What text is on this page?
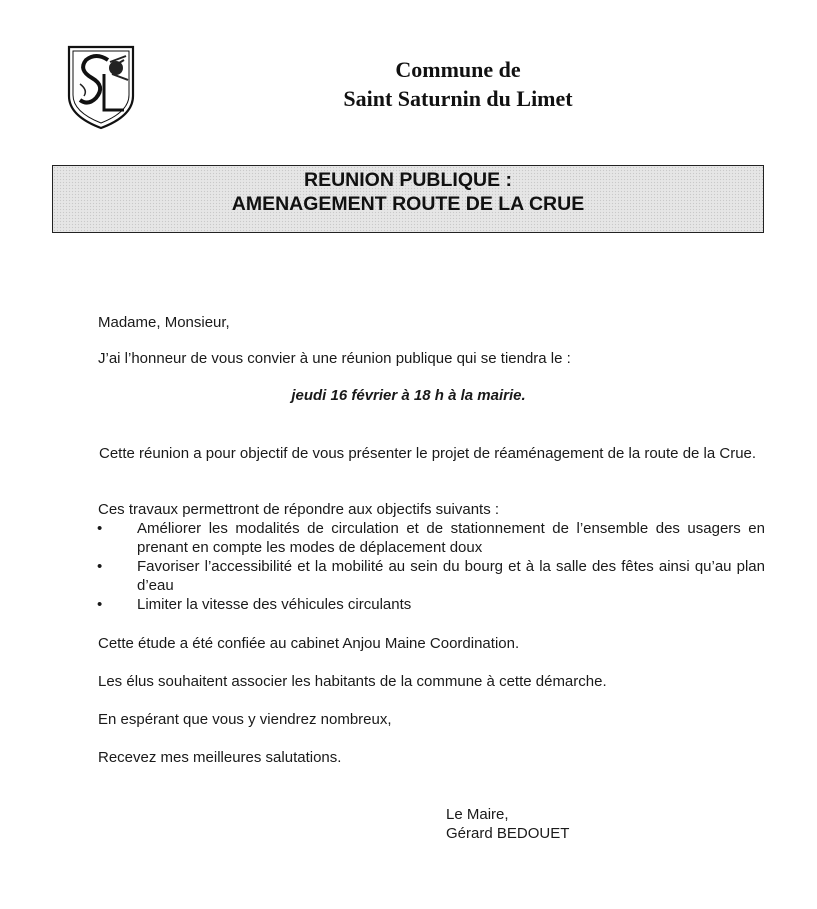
Commune de
Saint Saturnin du Limet
REUNION PUBLIQUE :
AMENAGEMENT ROUTE DE LA CRUE
Madame, Monsieur,
J’ai l’honneur de vous convier à une réunion publique qui se tiendra le :
jeudi 16 février à 18 h à la mairie.
Cette réunion a pour objectif de vous présenter le projet de réaménagement de la route de la Crue.
Ces travaux permettront de répondre aux objectifs suivants :
• Améliorer les modalités de circulation et de stationnement de l’ensemble des usagers en prenant en compte les modes de déplacement doux
• Favoriser l’accessibilité et la mobilité au sein du bourg et à la salle des fêtes ainsi qu’au plan d’eau
• Limiter la vitesse des véhicules circulants
Cette étude a été confiée au cabinet Anjou Maine Coordination.
Les élus souhaitent associer les habitants de la commune à cette démarche.
En espérant que vous y viendrez nombreux,
Recevez mes meilleures salutations.
Le Maire,
Gérard BEDOUET
